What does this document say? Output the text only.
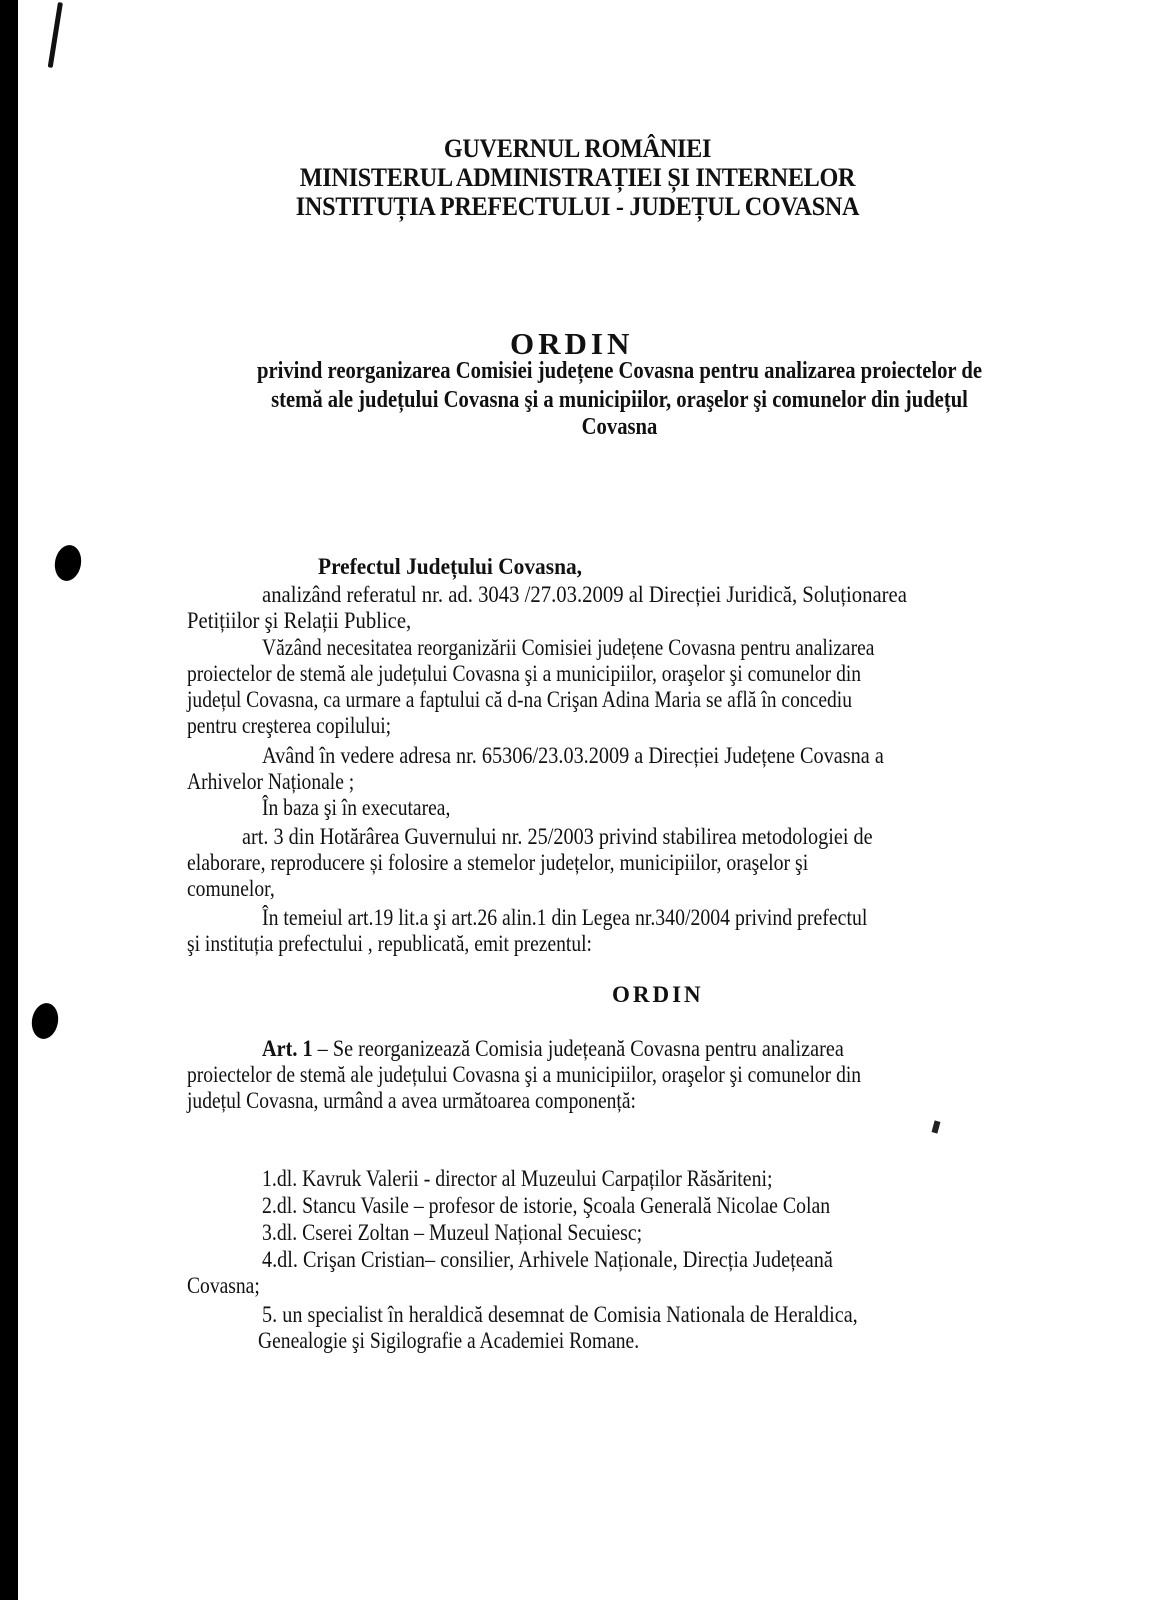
GUVERNUL ROMÂNIEI
MINISTERUL ADMINISTRAȚIEI ȘI INTERNELOR
INSTITUȚIA PREFECTULUI - JUDEȚUL COVASNA
ORDIN
privind reorganizarea Comisiei județene Covasna pentru analizarea proiectelor de
stemă ale județului Covasna şi a municipiilor, oraşelor şi comunelor din județul
Covasna
Prefectul Județului Covasna,
analizând referatul nr. ad. 3043 /27.03.2009 al Direcției Juridică, Soluționarea
Petițiilor şi Relații Publice,
Văzând necesitatea reorganizării Comisiei județene Covasna pentru analizarea
proiectelor de stemă ale județului Covasna şi a municipiilor, oraşelor şi comunelor din
județul Covasna, ca urmare a faptului că d-na Crişan Adina Maria se află în concediu
pentru creşterea copilului;
Având în vedere adresa nr. 65306/23.03.2009 a Direcției Județene Covasna a
Arhivelor Naționale ;
În baza şi în executarea,
art. 3 din Hotărârea Guvernului nr. 25/2003 privind stabilirea metodologiei de
elaborare, reproducere și folosire a stemelor județelor, municipiilor, oraşelor şi
comunelor,
În temeiul art.19 lit.a şi art.26 alin.1 din Legea nr.340/2004 privind prefectul
şi instituția prefectului , republicată, emit prezentul:
ORDIN
Art. 1 – Se reorganizează Comisia județeană Covasna pentru analizarea
proiectelor de stemă ale județului Covasna şi a municipiilor, oraşelor şi comunelor din
județul Covasna, urmând a avea următoarea componență:
1.dl. Kavruk Valerii - director al Muzeului Carpaților Răsăriteni;
2.dl. Stancu Vasile – profesor de istorie, Şcoala Generală Nicolae Colan
3.dl. Cserei Zoltan – Muzeul Național Secuiesc;
4.dl. Crişan Cristian– consilier, Arhivele Naționale, Direcția Județeană
Covasna;
5. un specialist în heraldică desemnat de Comisia Nationala de Heraldica,
Genealogie şi Sigilografie a Academiei Romane.
